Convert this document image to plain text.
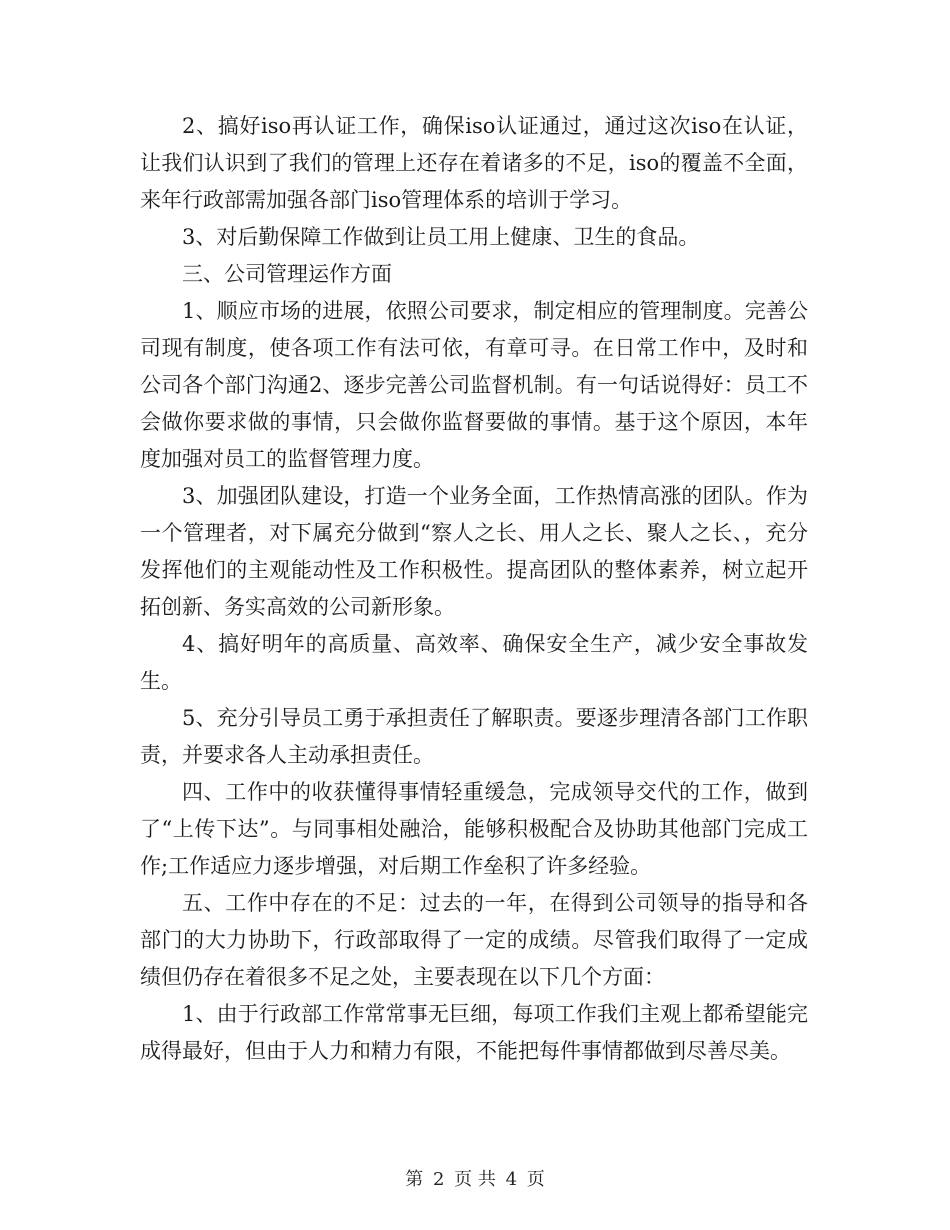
2、搞好iso再认证工作，确保iso认证通过，通过这次iso在认证，让我们认识到了我们的管理上还存在着诸多的不足，iso的覆盖不全面，来年行政部需加强各部门iso管理体系的培训于学习。

3、对后勤保障工作做到让员工用上健康、卫生的食品。

三、公司管理运作方面

1、顺应市场的进展，依照公司要求，制定相应的管理制度。完善公司现有制度，使各项工作有法可依，有章可寻。在日常工作中，及时和公司各个部门沟通2、逐步完善公司监督机制。有一句话说得好：员工不会做你要求做的事情，只会做你监督要做的事情。基于这个原因，本年度加强对员工的监督管理力度。

3、加强团队建设，打造一个业务全面，工作热情高涨的团队。作为一个管理者，对下属充分做到“察人之长、用人之长、聚人之长、，充分发挥他们的主观能动性及工作积极性。提高团队的整体素养，树立起开拓创新、务实高效的公司新形象。

4、搞好明年的高质量、高效率、确保安全生产，减少安全事故发生。

5、充分引导员工勇于承担责任了解职责。要逐步理清各部门工作职责，并要求各人主动承担责任。

四、工作中的收获懂得事情轻重缓急，完成领导交代的工作，做到了“上传下达”。与同事相处融洽，能够积极配合及协助其他部门完成工作;工作适应力逐步增强，对后期工作垒积了许多经验。

五、工作中存在的不足：过去的一年，在得到公司领导的指导和各部门的大力协助下，行政部取得了一定的成绩。尽管我们取得了一定成绩但仍存在着很多不足之处，主要表现在以下几个方面：

1、由于行政部工作常常事无巨细，每项工作我们主观上都希望能完成得最好，但由于人力和精力有限，不能把每件事情都做到尽善尽美。

第 2 页 共 4 页
